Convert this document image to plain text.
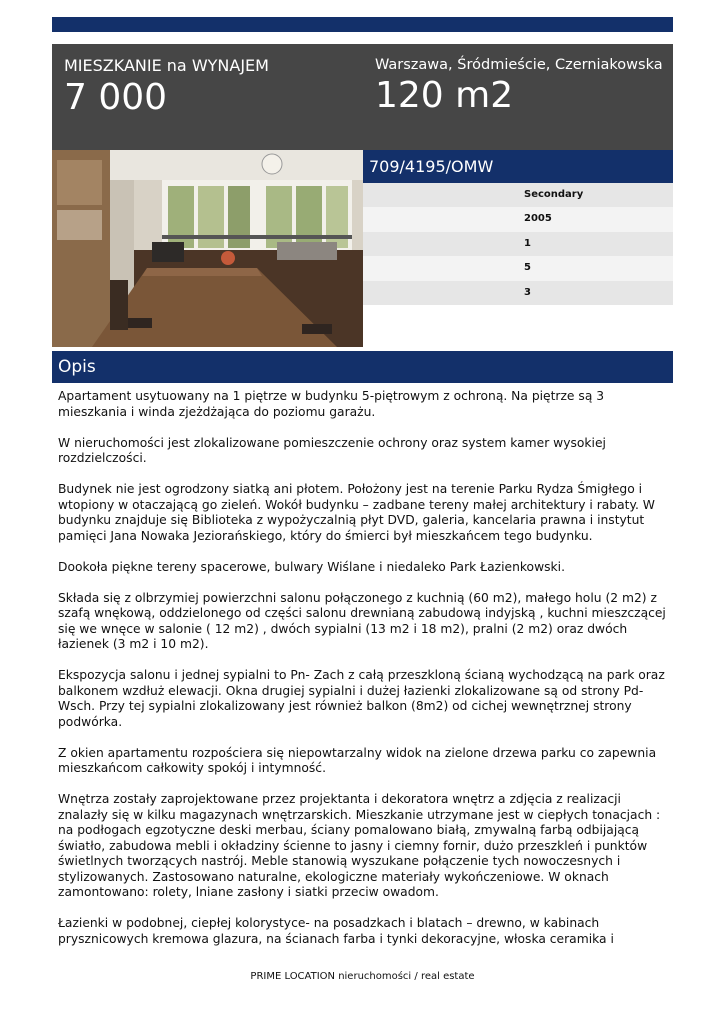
MIESZKANIE na WYNAJEM
7 000
Warszawa, Śródmieście, Czerniakowska
120 m2
709/4195/OMW
Secondary
2005
1
5
3
Opis

Apartament usytuowany na 1 piętrze w budynku 5-piętrowym z ochroną. Na piętrze są 3 mieszkania i winda zjeżdżająca do poziomu garażu.

W nieruchomości jest zlokalizowane pomieszczenie ochrony oraz system kamer wysokiej rozdzielczości.

Budynek nie jest ogrodzony siatką ani płotem. Położony jest na terenie Parku Rydza Śmigłego i wtopiony w otaczającą go zieleń. Wokół budynku – zadbane tereny małej architektury i rabaty. W budynku znajduje się Biblioteka z wypożyczalnią płyt DVD, galeria, kancelaria prawna i instytut pamięci Jana Nowaka Jeziorańskiego, który do śmierci był mieszkańcem tego budynku.

Dookoła piękne tereny spacerowe, bulwary Wiślane i niedaleko Park Łazienkowski.

Składa się z olbrzymiej powierzchni salonu połączonego z kuchnią (60 m2), małego holu (2 m2) z szafą wnękową, oddzielonego od części salonu drewnianą zabudową indyjską , kuchni mieszczącej się we wnęce w salonie ( 12 m2) , dwóch sypialni (13 m2 i 18 m2), pralni (2 m2) oraz dwóch łazienek (3 m2 i 10 m2).

Ekspozycja salonu i jednej sypialni to Pn- Zach z całą przeszkloną ścianą wychodzącą na park oraz balkonem wzdłuż elewacji. Okna drugiej sypialni i dużej łazienki zlokalizowane są od strony Pd-Wsch. Przy tej sypialni zlokalizowany jest również balkon (8m2) od cichej wewnętrznej strony podwórka.

Z okien apartamentu rozpościera się niepowtarzalny widok na zielone drzewa parku co zapewnia mieszkańcom całkowity spokój i intymność.

Wnętrza zostały zaprojektowane przez projektanta i dekoratora wnętrz a zdjęcia z realizacji znalazły się w kilku magazynach wnętrzarskich. Mieszkanie utrzymane jest w ciepłych tonacjach : na podłogach egzotyczne deski merbau, ściany pomalowano białą, zmywalną farbą odbijającą światło, zabudowa mebli i okładziny ścienne to jasny i ciemny fornir, dużo przeszkleń i punktów świetlnych tworzących nastrój. Meble stanowią wyszukane połączenie tych nowoczesnych i stylizowanych. Zastosowano naturalne, ekologiczne materiały wykończeniowe. W oknach zamontowano: rolety, lniane zasłony i siatki przeciw owadom.

Łazienki w podobnej, ciepłej kolorystyce- na posadzkach i blatach – drewno, w kabinach prysznicowych kremowa glazura, na ścianach farba i tynki dekoracyjne, włoska ceramika i

PRIME LOCATION nieruchomości / real estate
